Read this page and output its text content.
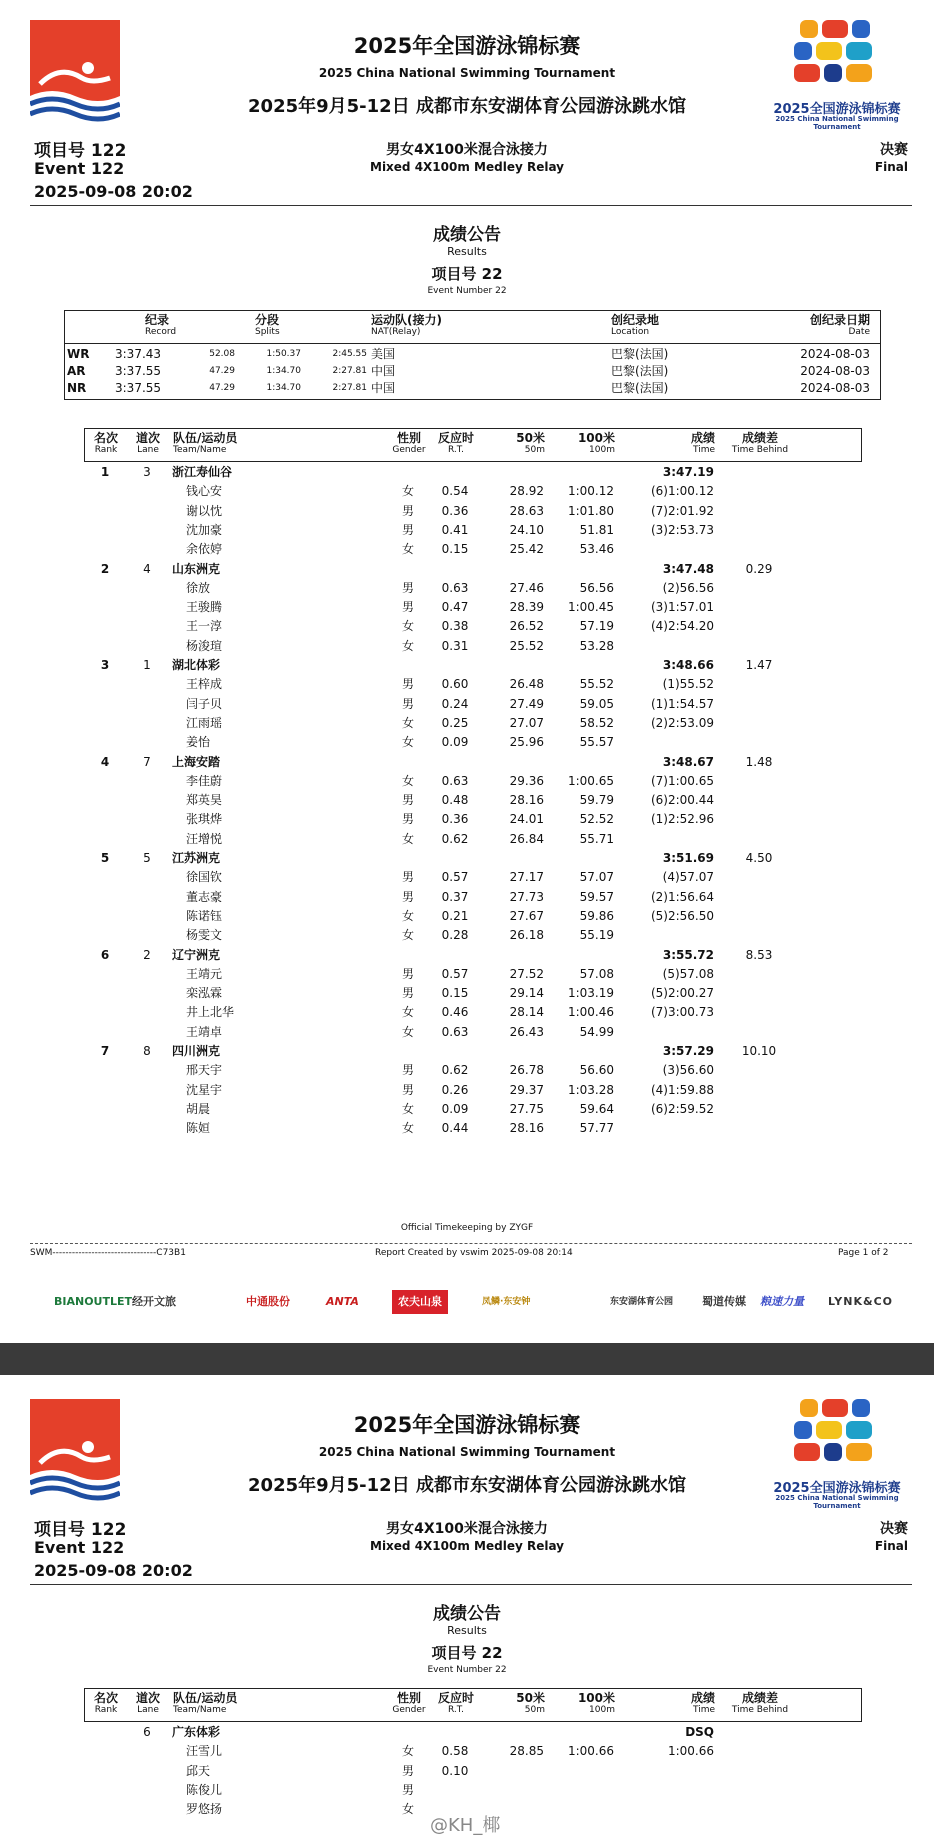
2025年全国游泳锦标赛
2025 China National Swimming Tournament
2025年9月5-12日 成都市东安湖体育公园游泳跳水馆	2025全国游泳锦标赛
2025 China National Swimming Tournament
项目号 122
Event 122
2025-09-08 20:02
男女4X100米混合泳接力
Mixed 4X100m Medley Relay
决赛
Final
成绩公告
Results
项目号 22
Event Number 22
纪录
Record
分段
Splits
运动队(接力)
NAT(Relay)
创纪录地
Location
创纪录日期
Date
WR	3:37.43	52.08	1:50.37	2:45.55 美国	巴黎(法国)	2024-08-03
AR	3:37.55	47.29	1:34.70	2:27.81 中国	巴黎(法国)	2024-08-03
NR	3:37.55	47.29	1:34.70	2:27.81 中国	巴黎(法国)	2024-08-03
名次
Rank
道次
Lane
队伍/运动员
Team/Name
性别
Gender
反应时
R.T.
50米
50m
100米
100m
成绩
Time
成绩差
Time Behind
1	3	浙江寿仙谷	3:47.19
钱心安	女	0.54	28.92	1:00.12	(6)1:00.12
谢以忱	男	0.36	28.63	1:01.80	(7)2:01.92
沈加豪	男	0.41	24.10	51.81	(3)2:53.73
余依婷	女	0.15	25.42	53.46
2	4	山东洲克	3:47.48	0.29
徐放	男	0.63	27.46	56.56	(2)56.56
王骏腾	男	0.47	28.39	1:00.45	(3)1:57.01
王一淳	女	0.38	26.52	57.19	(4)2:54.20
杨浚瑄	女	0.31	25.52	53.28
3	1	湖北体彩	3:48.66	1.47
王梓成	男	0.60	26.48	55.52	(1)55.52
闫子贝	男	0.24	27.49	59.05	(1)1:54.57
江雨瑶	女	0.25	27.07	58.52	(2)2:53.09
姜怡	女	0.09	25.96	55.57
4	7	上海安踏	3:48.67	1.48
李佳蔚	女	0.63	29.36	1:00.65	(7)1:00.65
郑英昊	男	0.48	28.16	59.79	(6)2:00.44
张琪烨	男	0.36	24.01	52.52	(1)2:52.96
汪增悦	女	0.62	26.84	55.71
5	5	江苏洲克	3:51.69	4.50
徐国钦	男	0.57	27.17	57.07	(4)57.07
董志豪	男	0.37	27.73	59.57	(2)1:56.64
陈诺钰	女	0.21	27.67	59.86	(5)2:56.50
杨雯文	女	0.28	26.18	55.19
6	2	辽宁洲克	3:55.72	8.53
王靖元	男	0.57	27.52	57.08	(5)57.08
栾泓霖	男	0.15	29.14	1:03.19	(5)2:00.27
井上北华	女	0.46	28.14	1:00.46	(7)3:00.73
王靖卓	女	0.63	26.43	54.99
7	8	四川洲克	3:57.29	10.10
邢天宇	男	0.62	26.78	56.60	(3)56.60
沈星宇	男	0.26	29.37	1:03.28	(4)1:59.88
胡晨	女	0.09	27.75	59.64	(6)2:59.52
陈姮	女	0.44	28.16	57.77
Official Timekeeping by ZYGF
SWM--------------------------------C73B1	Report Created by vswim 2025-09-08 20:14	Page 1 of 2
BIANOUTLET 经开文旅	中通股份	ANTA	农夫山泉	凤鳞·东安钟	东安湖体育公园	蜀道传媒 粮速力量 LYNK&CO
2025年全国游泳锦标赛
2025 China National Swimming Tournament
2025年9月5-12日 成都市东安湖体育公园游泳跳水馆	2025全国游泳锦标赛
2025 China National Swimming Tournament
项目号 122
Event 122
2025-09-08 20:02
男女4X100米混合泳接力
Mixed 4X100m Medley Relay
决赛
Final
成绩公告
Results
项目号 22
Event Number 22
名次
Rank
道次
Lane
队伍/运动员
Team/Name
性别
Gender
反应时
R.T.
50米
50m
100米
100m
成绩
Time
成绩差
Time Behind
6	广东体彩	DSQ
汪雪儿	女	0.58	28.85	1:00.66	1:00.66
邱天	男	0.10
陈俊儿	男
罗悠扬	女
@KH_椰
